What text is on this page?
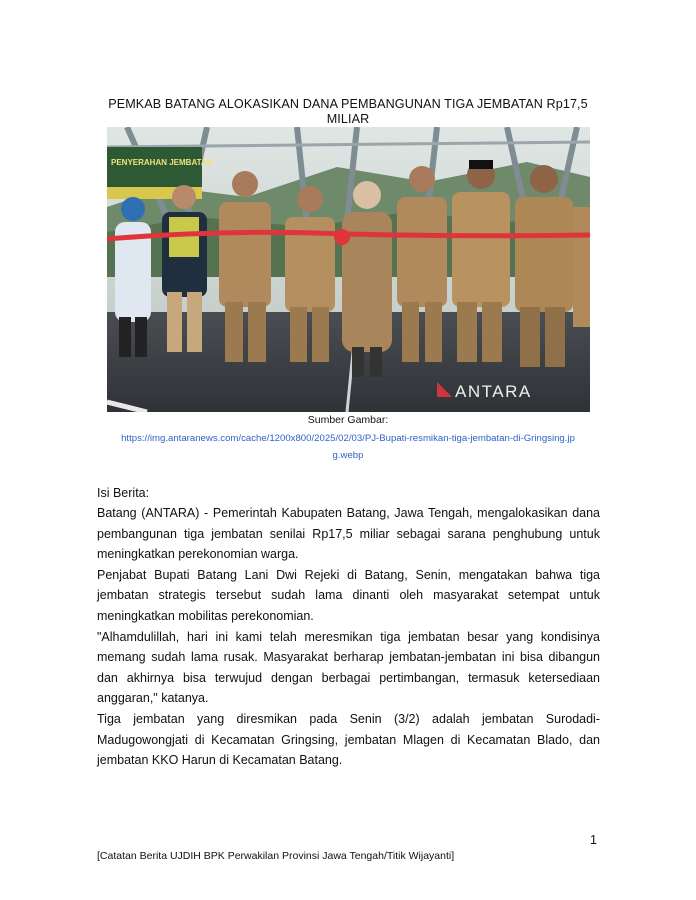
PEMKAB BATANG ALOKASIKAN DANA PEMBANGUNAN TIGA JEMBATAN Rp17,5 MILIAR
PENYERAHAN JEMBATAN
ANTARA
Sumber Gambar:
https://img.antaranews.com/cache/1200x800/2025/02/03/PJ-Bupati-resmikan-tiga-jembatan-di-Gringsing.jpg.webp
Isi Berita:

Batang (ANTARA) - Pemerintah Kabupaten Batang, Jawa Tengah, mengalokasikan dana pembangunan tiga jembatan senilai Rp17,5 miliar sebagai sarana penghubung untuk meningkatkan perekonomian warga.

Penjabat Bupati Batang Lani Dwi Rejeki di Batang, Senin, mengatakan bahwa tiga jembatan strategis tersebut sudah lama dinanti oleh masyarakat setempat untuk meningkatkan mobilitas perekonomian.

"Alhamdulillah, hari ini kami telah meresmikan tiga jembatan besar yang kondisinya memang sudah lama rusak. Masyarakat berharap jembatan-jembatan ini bisa dibangun dan akhirnya bisa terwujud dengan berbagai pertimbangan, termasuk ketersediaan anggaran," katanya.

Tiga jembatan yang diresmikan pada Senin (3/2) adalah jembatan Surodadi-Madugowongjati di Kecamatan Gringsing, jembatan Mlagen di Kecamatan Blado, dan jembatan KKO Harun di Kecamatan Batang.

1
[Catatan Berita UJDIH BPK Perwakilan Provinsi Jawa Tengah/Titik Wijayanti]
